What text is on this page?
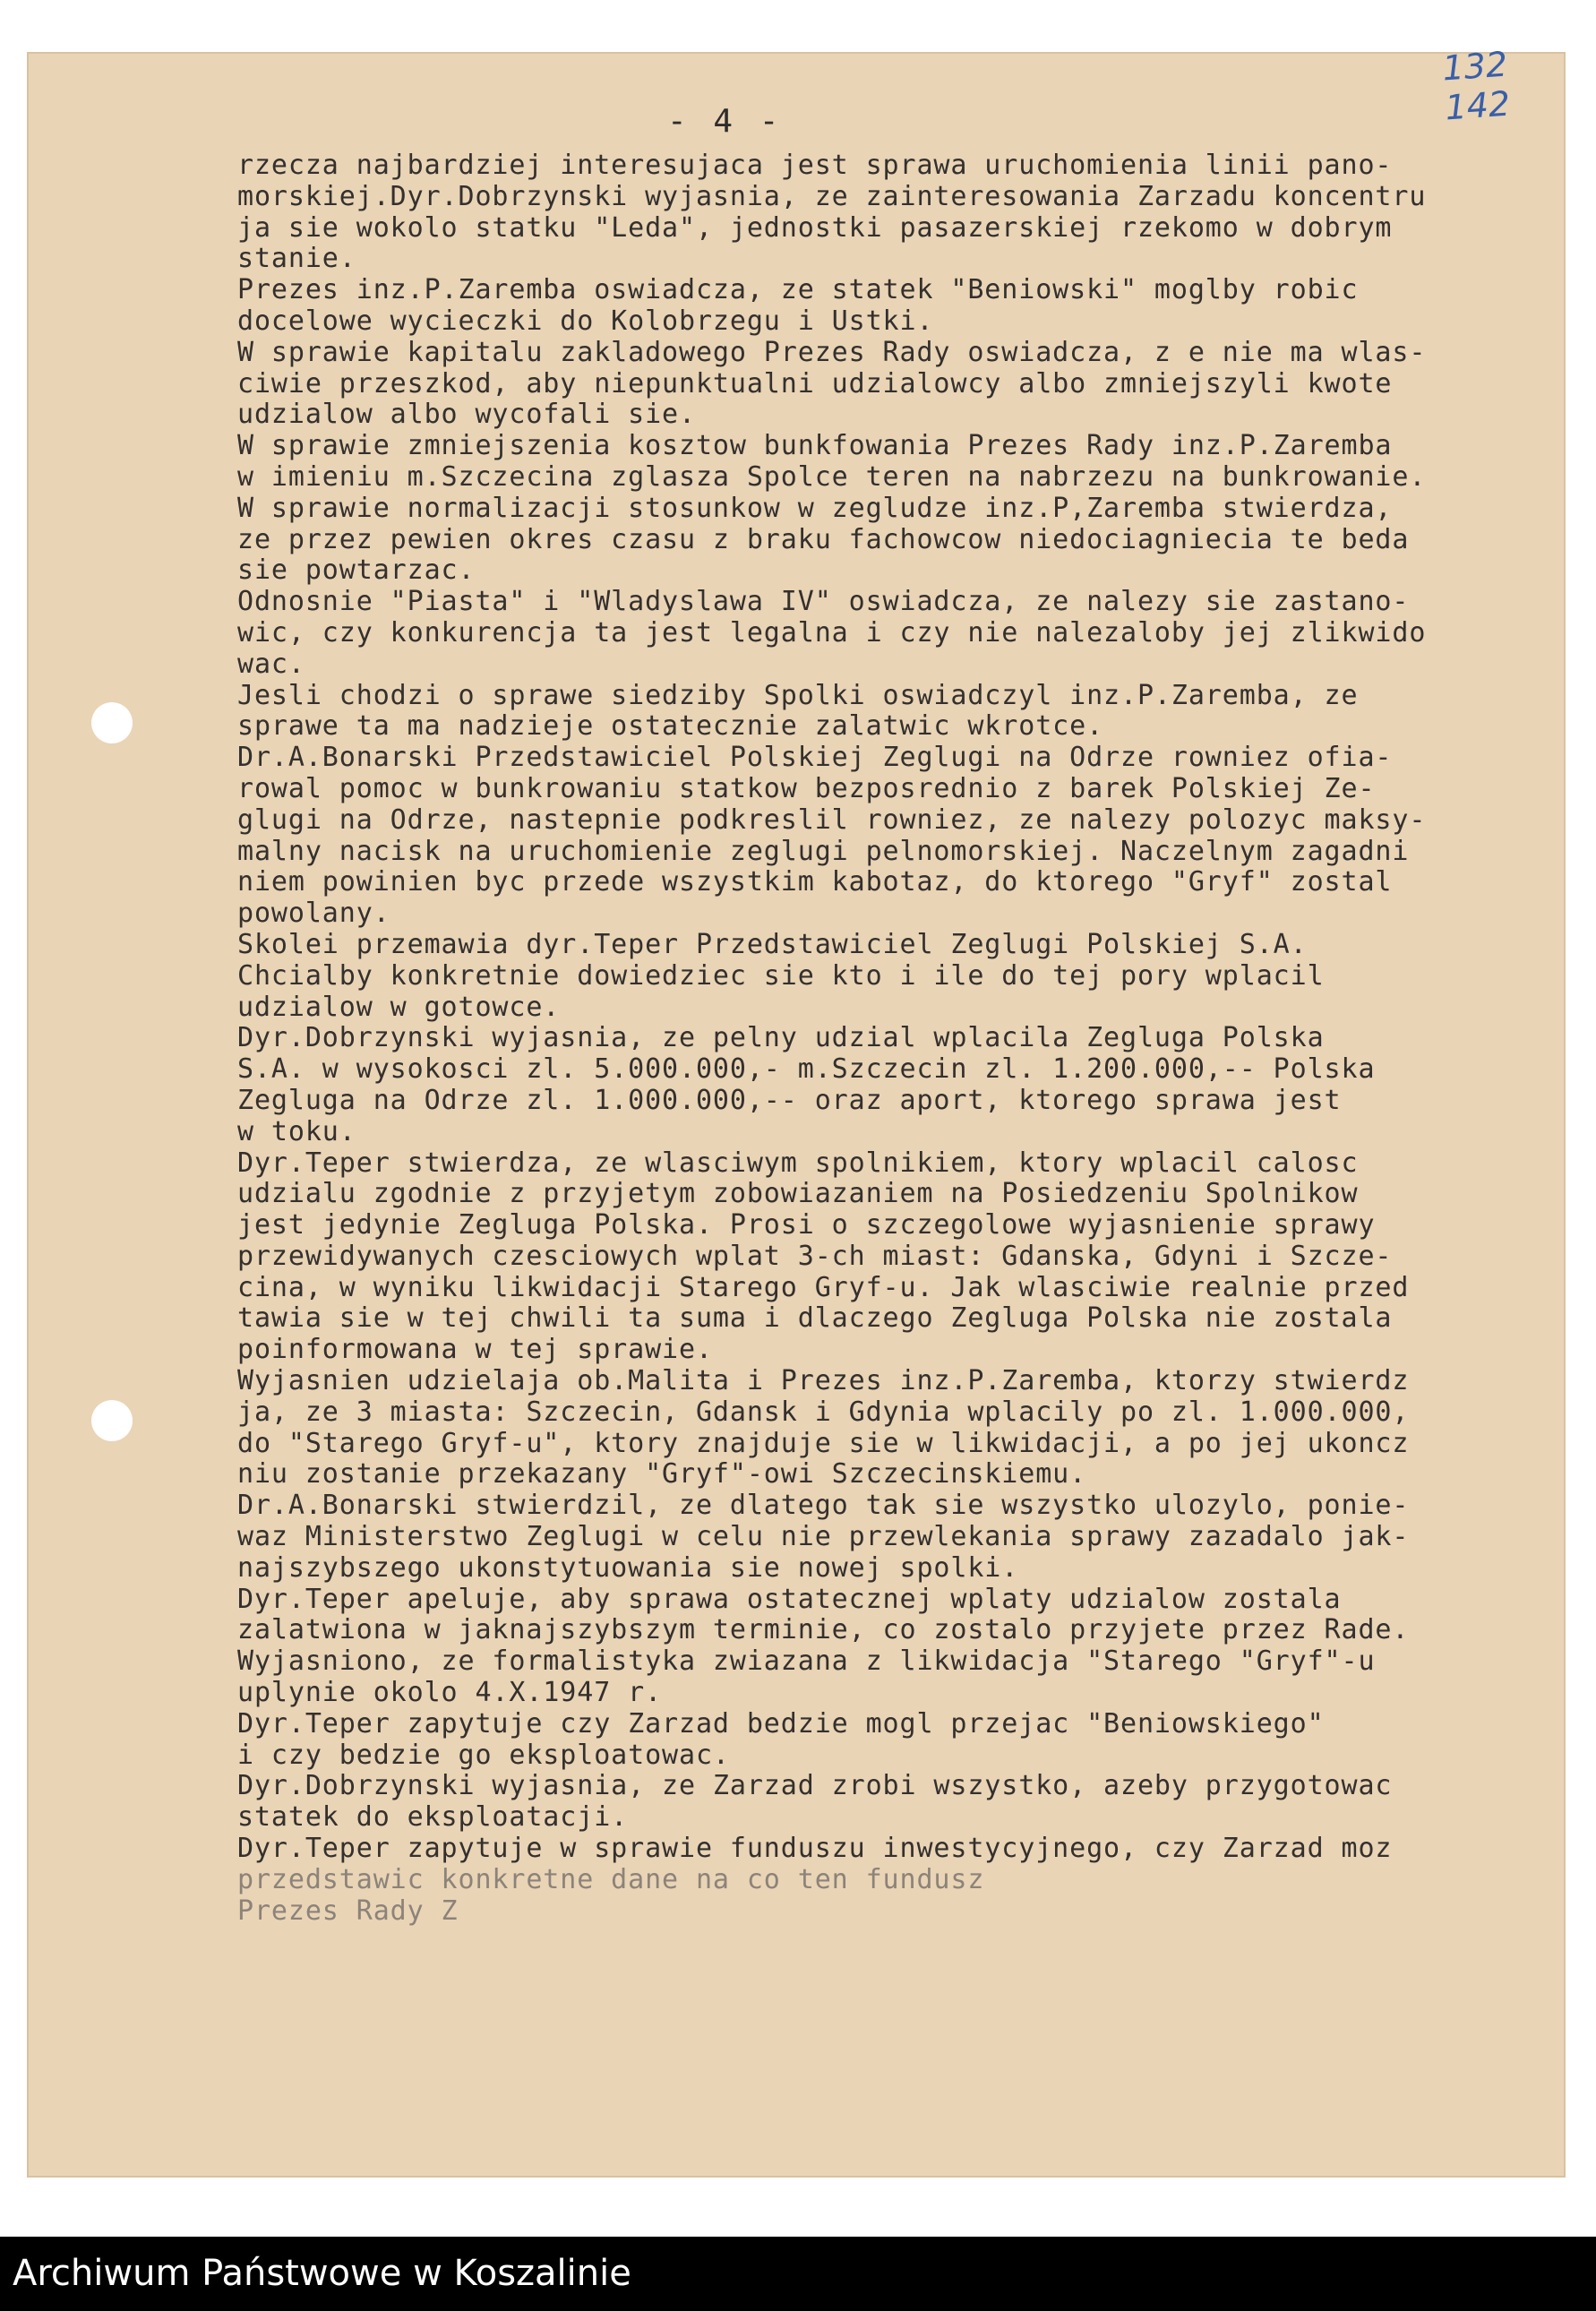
132
142
- 4 -
rzecza najbardziej interesujaca jest sprawa uruchomienia linii pano-
morskiej.Dyr.Dobrzynski wyjasnia, ze zainteresowania Zarzadu koncentru
ja sie wokolo statku "Leda", jednostki pasazerskiej rzekomo w dobrym
stanie.
Prezes inz.P.Zaremba oswiadcza, ze statek "Beniowski" moglby robic
docelowe wycieczki do Kolobrzegu i Ustki.
W sprawie kapitalu zakladowego Prezes Rady oswiadcza, z e nie ma wlas-
ciwie przeszkod, aby niepunktualni udzialowcy albo zmniejszyli kwote
udzialow albo wycofali sie.
W sprawie zmniejszenia kosztow bunkfowania Prezes Rady inz.P.Zaremba
w imieniu m.Szczecina zglasza Spolce teren na nabrzezu na bunkrowanie.
W sprawie normalizacji stosunkow w zegludze inz.P,Zaremba stwierdza,
ze przez pewien okres czasu z braku fachowcow niedociagniecia te beda
sie powtarzac.
Odnosnie "Piasta" i "Wladyslawa IV" oswiadcza, ze nalezy sie zastano-
wic, czy konkurencja ta jest legalna i czy nie nalezaloby jej zlikwido
wac.
Jesli chodzi o sprawe siedziby Spolki oswiadczyl inz.P.Zaremba, ze
sprawe ta ma nadzieje ostatecznie zalatwic wkrotce.
Dr.A.Bonarski Przedstawiciel Polskiej Zeglugi na Odrze rowniez ofia-
rowal pomoc w bunkrowaniu statkow bezposrednio z barek Polskiej Ze-
glugi na Odrze, nastepnie podkreslil rowniez, ze nalezy polozyc maksy-
malny nacisk na uruchomienie zeglugi pelnomorskiej. Naczelnym zagadni
niem powinien byc przede wszystkim kabotaz, do ktorego "Gryf" zostal
powolany.
Skolei przemawia dyr.Teper Przedstawiciel Zeglugi Polskiej S.A.
Chcialby konkretnie dowiedziec sie kto i ile do tej pory wplacil
udzialow w gotowce.
Dyr.Dobrzynski wyjasnia, ze pelny udzial wplacila Zegluga Polska
S.A. w wysokosci zl. 5.000.000,- m.Szczecin zl. 1.200.000,-- Polska
Zegluga na Odrze zl. 1.000.000,-- oraz aport, ktorego sprawa jest
w toku.
Dyr.Teper stwierdza, ze wlasciwym spolnikiem, ktory wplacil calosc
udzialu zgodnie z przyjetym zobowiazaniem na Posiedzeniu Spolnikow
jest jedynie Zegluga Polska. Prosi o szczegolowe wyjasnienie sprawy
przewidywanych czesciowych wplat 3-ch miast: Gdanska, Gdyni i Szcze-
cina, w wyniku likwidacji Starego Gryf-u. Jak wlasciwie realnie przed
tawia sie w tej chwili ta suma i dlaczego Zegluga Polska nie zostala
poinformowana w tej sprawie.
Wyjasnien udzielaja ob.Malita i Prezes inz.P.Zaremba, ktorzy stwierdz
ja, ze 3 miasta: Szczecin, Gdansk i Gdynia wplacily po zl. 1.000.000,
do "Starego Gryf-u", ktory znajduje sie w likwidacji, a po jej ukoncz
niu zostanie przekazany "Gryf"-owi Szczecinskiemu.
Dr.A.Bonarski stwierdzil, ze dlatego tak sie wszystko ulozylo, ponie-
waz Ministerstwo Zeglugi w celu nie przewlekania sprawy zazadalo jak-
najszybszego ukonstytuowania sie nowej spolki.
Dyr.Teper apeluje, aby sprawa ostatecznej wplaty udzialow zostala
zalatwiona w jaknajszybszym terminie, co zostalo przyjete przez Rade.
Wyjasniono, ze formalistyka zwiazana z likwidacja "Starego "Gryf"-u
uplynie okolo 4.X.1947 r.
Dyr.Teper zapytuje czy Zarzad bedzie mogl przejac "Beniowskiego"
i czy bedzie go eksploatowac.
Dyr.Dobrzynski wyjasnia, ze Zarzad zrobi wszystko, azeby przygotowac
statek do eksploatacji.
Dyr.Teper zapytuje w sprawie funduszu inwestycyjnego, czy Zarzad moz
przedstawic konkretne dane na co ten fundusz
Prezes Rady Z
Archiwum Państwowe w Koszalinie
